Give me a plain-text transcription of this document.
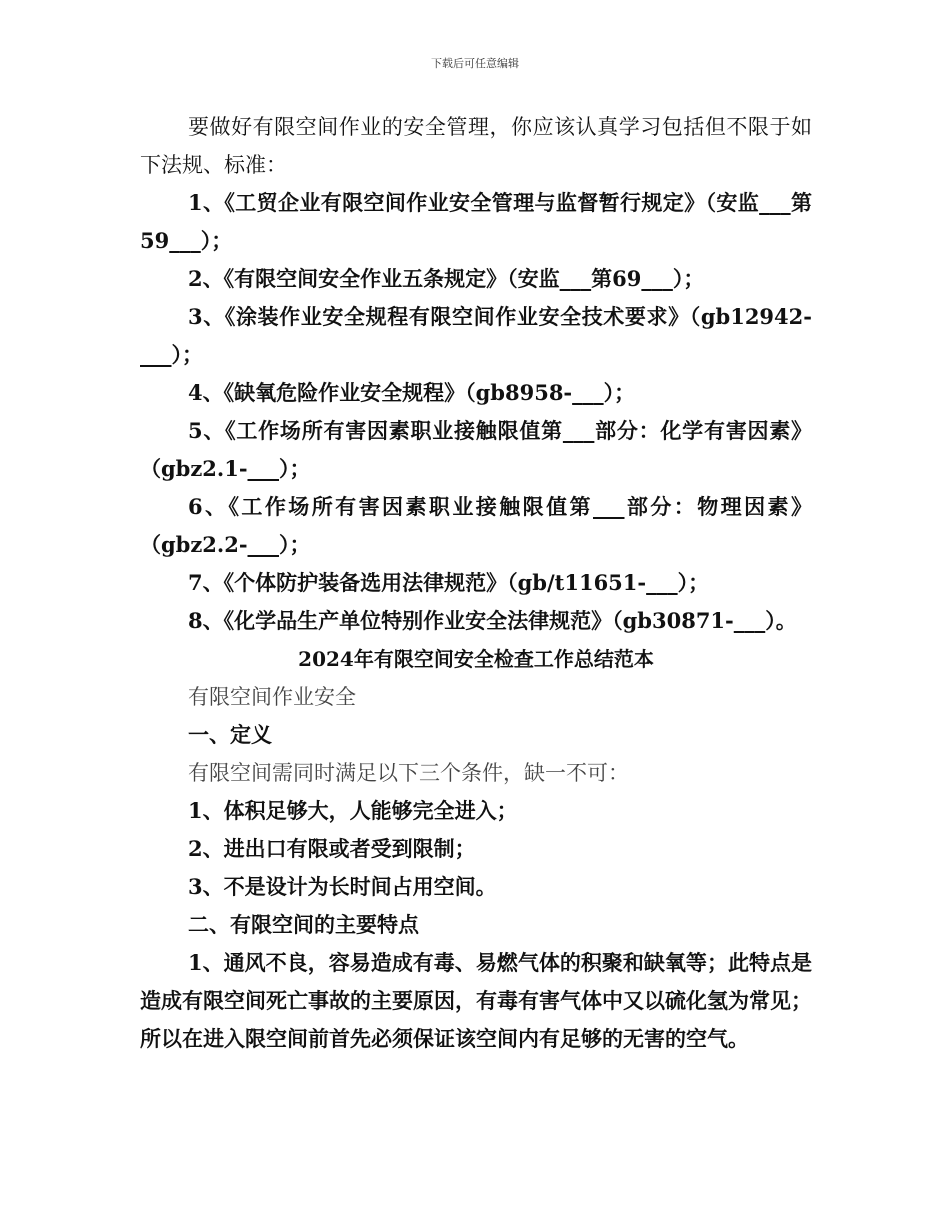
下载后可任意编辑

要做好有限空间作业的安全管理，你应该认真学习包括但不限于如下法规、标准：

1、《工贸企业有限空间作业安全管理与监督暂行规定》（安监___第59___）；

2、《有限空间安全作业五条规定》（安监___第69___）；

3、《涂装作业安全规程有限空间作业安全技术要求》（gb12942-___）；

4、《缺氧危险作业安全规程》（gb8958-___）；

5、《工作场所有害因素职业接触限值第___部分：化学有害因素》（gbz2.1-___）；

6、《工作场所有害因素职业接触限值第___部分：物理因素》（gbz2.2-___）；

7、《个体防护装备选用法律规范》（gb/t11651-___）；

8、《化学品生产单位特别作业安全法律规范》（gb30871-___）。

2024年有限空间安全检查工作总结范本

有限空间作业安全

一、定义

有限空间需同时满足以下三个条件，缺一不可：

1、体积足够大，人能够完全进入；

2、进出口有限或者受到限制；

3、不是设计为长时间占用空间。

二、有限空间的主要特点

1、通风不良，容易造成有毒、易燃气体的积聚和缺氧等；此特点是造成有限空间死亡事故的主要原因，有毒有害气体中又以硫化氢为常见；所以在进入限空间前首先必须保证该空间内有足够的无害的空气。
